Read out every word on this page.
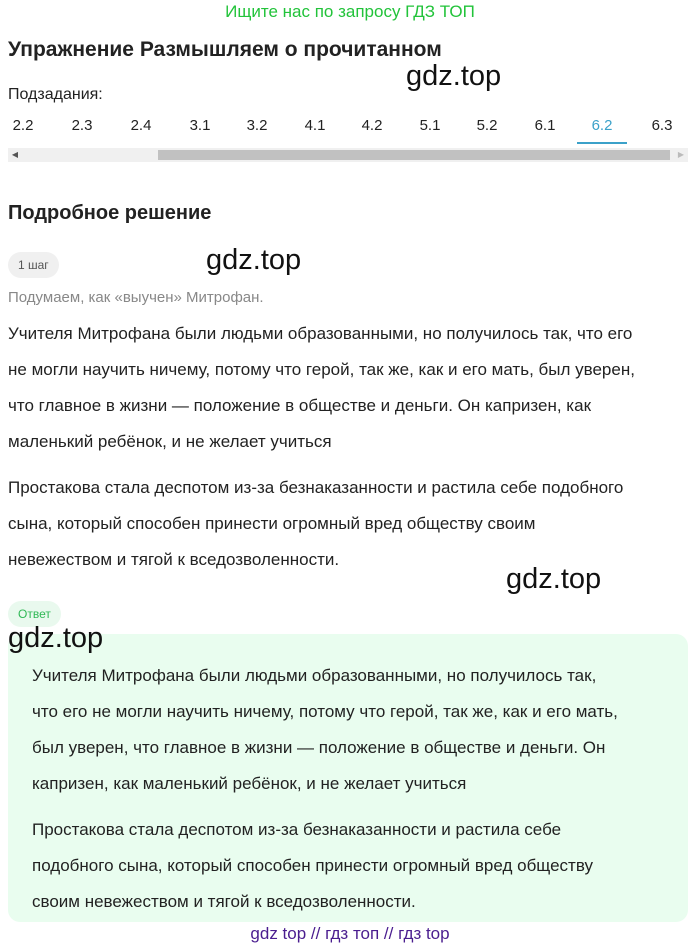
Ищите нас по запросу ГДЗ ТОП
Упражнение Размышляем о прочитанном
gdz.top
Подзадания:
2.2	2.3	2.4	3.1	3.2	4.1	4.2	5.1	5.2	6.1	6.2	6.3
◀	▶
Подробное решение
1 шаг	gdz.top
Подумаем, как «выучен» Митрофан.

Учителя Митрофана были людьми образованными, но получилось так, что его
не могли научить ничему, потому что герой, так же, как и его мать, был уверен,
что главное в жизни — положение в обществе и деньги. Он капризен, как
маленький ребёнок, и не желает учиться

Простакова стала деспотом из-за безнаказанности и растила себе подобного
сына, который способен принести огромный вред обществу своим
невежеством и тягой к вседозволенности.

gdz.top
Ответ
gdz.top

Учителя Митрофана были людьми образованными, но получилось так,
что его не могли научить ничему, потому что герой, так же, как и его мать,
был уверен, что главное в жизни — положение в обществе и деньги. Он
капризен, как маленький ребёнок, и не желает учиться

Простакова стала деспотом из-за безнаказанности и растила себе
подобного сына, который способен принести огромный вред обществу
своим невежеством и тягой к вседозволенности.

gdz top // гдз топ // гдз top
